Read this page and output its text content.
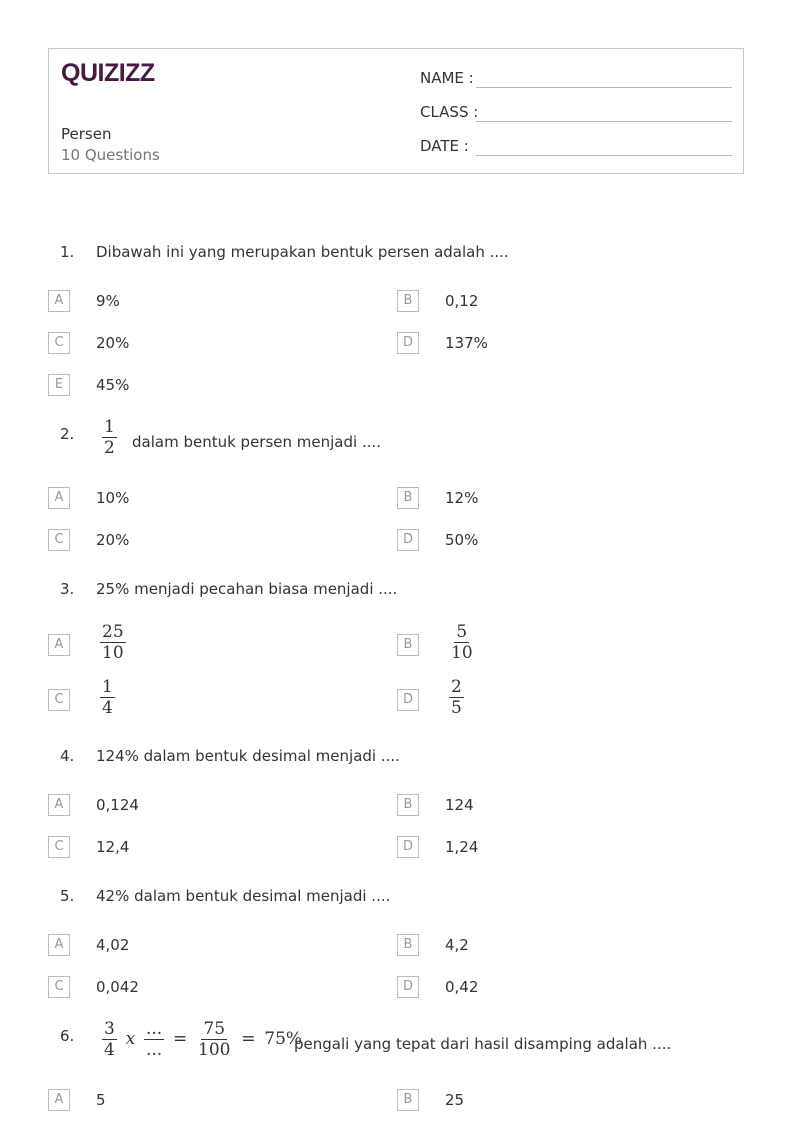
QUIZIZZ
Persen
10 Questions
NAME :
CLASS :
DATE :
1.	Dibawah ini yang merupakan bentuk persen adalah ....
A	9%	B	0,12
C	20%	D	137%
E	45%
2.	$\frac{1}{2}$ dalam bentuk persen menjadi ....
A	10%	B	12%
C	20%	D	50%
3.	25% menjadi pecahan biasa menjadi ....
A	$\frac{25}{10}$	B	$\frac{5}{10}$
C	$\frac{1}{4}$	D	$\frac{2}{5}$
4.	124% dalam bentuk desimal menjadi ....
A	0,124	B	124
C	12,4	D	1,24
5.	42% dalam bentuk desimal menjadi ....
A	4,02	B	4,2
C	0,042	D	0,42
6.	$\frac{3}{4}$ x $\frac{...}{...} = \frac{75}{100} = 75\%$
pengali yang tepat dari hasil disamping adalah ....
A	5	B	25
